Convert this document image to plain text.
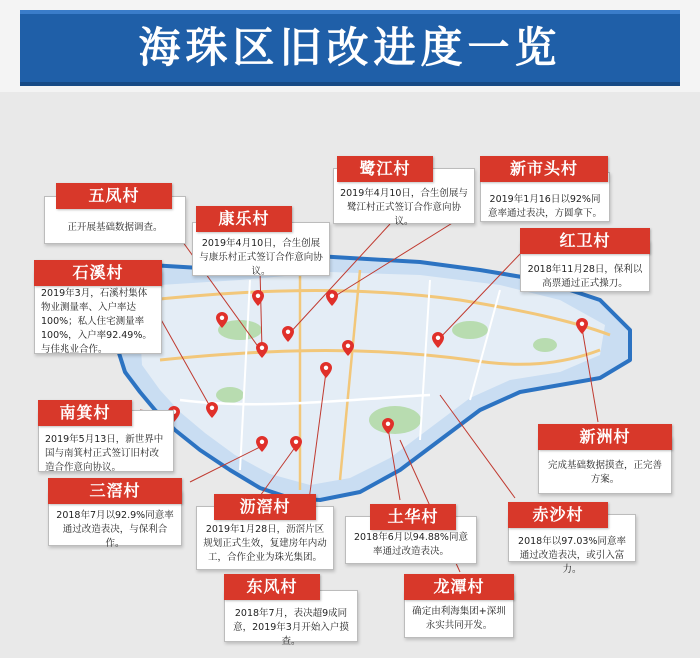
海珠区旧改进度一览
正开展基础数据调查。
五凤村
2019年4月10日，合生创展与康乐村正式签订合作意向协议。
康乐村
2019年4月10日，合生创展与鹭江村正式签订合作意向协议。
鹭江村
2019年1月16日以92%同意率通过表决，方圆拿下。
新市头村
2018年11月28日，保利以高票通过正式操刀。
红卫村
2019年3月，石溪村集体物业测量率、入户率达100%；私人住宅测量率100%，入户率92.49%。与佳兆业合作。
石溪村
2019年5月13日，新世界中国与南箕村正式签订旧村改造合作意向协议。
南箕村
2018年7月以92.9%同意率通过改造表决，与保利合作。
三滘村
2019年1月28日，沥滘片区规划正式生效，复建房年内动工，合作企业为珠光集团。
沥滘村
2018年7月，表决超9成同意，2019年3月开始入户摸查。
东风村
2018年6月以94.88%同意率通过改造表决。
土华村
确定由利海集团+深圳永实共同开发。
龙潭村
2018年以97.03%同意率通过改造表决，或引入富力。
赤沙村
完成基础数据摸查，正完善方案。
新洲村
